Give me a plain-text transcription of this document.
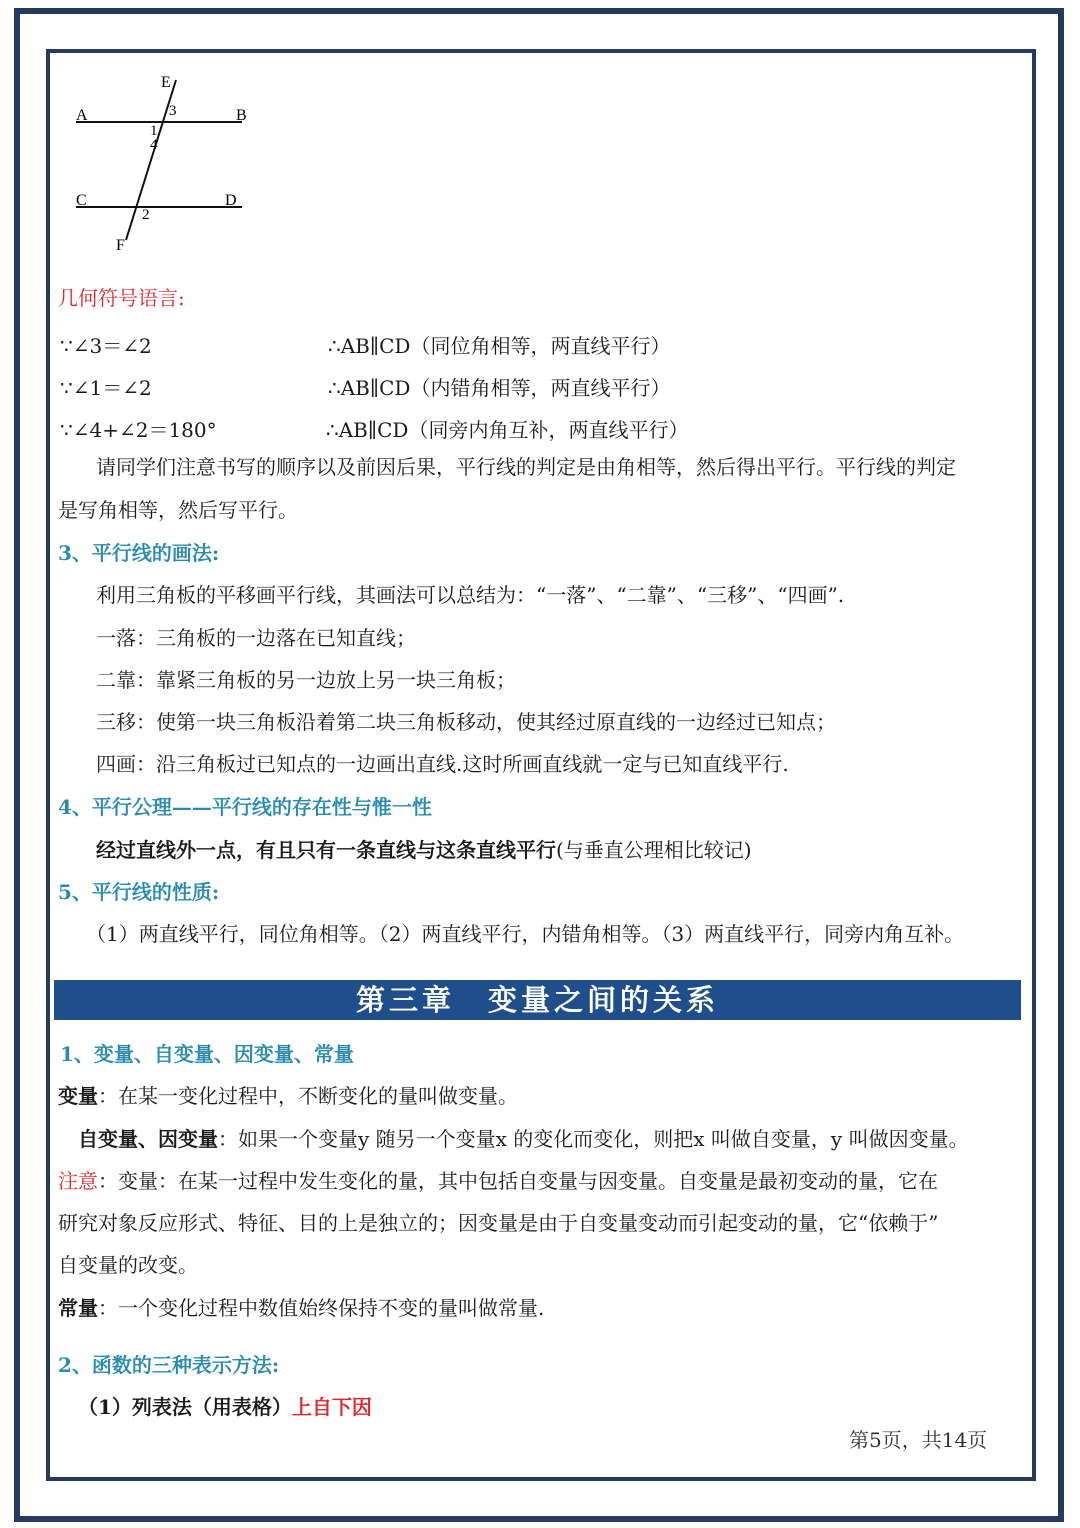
E
3
A	B
1
4
C	D
2
F
几何符号语言:
∵∠3＝∠2	∴AB∥CD（同位角相等，两直线平行）
∵∠1＝∠2	∴AB∥CD（内错角相等，两直线平行）
∵∠4+∠2＝180°	∴AB∥CD（同旁内角互补，两直线平行）
请同学们注意书写的顺序以及前因后果，平行线的判定是由角相等，然后得出平行。平行线的判定
是写角相等，然后写平行。
3、平行线的画法:
利用三角板的平移画平行线，其画法可以总结为：“一落”、“二靠”、“三移”、“四画”.
一落：三角板的一边落在已知直线；
二靠：靠紧三角板的另一边放上另一块三角板；
三移：使第一块三角板沿着第二块三角板移动，使其经过原直线的一边经过已知点；
四画：沿三角板过已知点的一边画出直线.这时所画直线就一定与已知直线平行.
4、平行公理——平行线的存在性与惟一性
经过直线外一点，有且只有一条直线与这条直线平行(与垂直公理相比较记)
5、平行线的性质:
（1）两直线平行，同位角相等。（2）两直线平行，内错角相等。（3）两直线平行，同旁内角互补。
第三章　变量之间的关系
1、变量、自变量、因变量、常量
变量：在某一变化过程中，不断变化的量叫做变量。
自变量、因变量：如果一个变量y 随另一个变量x 的变化而变化，则把x 叫做自变量，y 叫做因变量。
注意：变量：在某一过程中发生变化的量，其中包括自变量与因变量。自变量是最初变动的量，它在
研究对象反应形式、特征、目的上是独立的；因变量是由于自变量变动而引起变动的量，它“依赖于”
自变量的改变。
常量：一个变化过程中数值始终保持不变的量叫做常量.
2、函数的三种表示方法:
（1）列表法（用表格）上自下因
第5页，共14页
